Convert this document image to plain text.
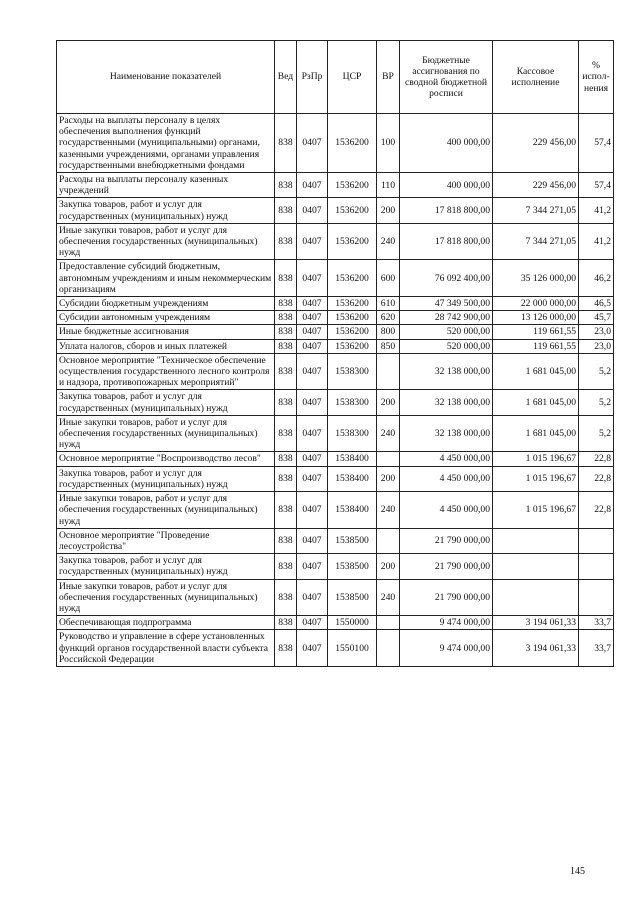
Наименование показателей	Вед	РзПр	ЦСР	ВР	Бюджетные ассигнования по сводной бюджетной росписи	Кассовое исполнение	% испол-нения
Расходы на выплаты персоналу в целях обеспечения выполнения функций государственными (муниципальными) органами, казенными учреждениями, органами управления государственными внебюджетными фондами	838	0407	1536200	100	400 000,00	229 456,00	57,4
Расходы на выплаты персоналу казенных учреждений	838	0407	1536200	110	400 000,00	229 456,00	57,4
Закупка товаров, работ и услуг для государственных (муниципальных) нужд	838	0407	1536200	200	17 818 800,00	7 344 271,05	41,2
Иные закупки товаров, работ и услуг для обеспечения государственных (муниципальных) нужд	838	0407	1536200	240	17 818 800,00	7 344 271,05	41,2
Предоставление субсидий бюджетным, автономным учреждениям и иным некоммерческим организациям	838	0407	1536200	600	76 092 400,00	35 126 000,00	46,2
Субсидии бюджетным учреждениям	838	0407	1536200	610	47 349 500,00	22 000 000,00	46,5
Субсидии автономным учреждениям	838	0407	1536200	620	28 742 900,00	13 126 000,00	45,7
Иные бюджетные ассигнования	838	0407	1536200	800	520 000,00	119 661,55	23,0
Уплата налогов, сборов и иных платежей	838	0407	1536200	850	520 000,00	119 661,55	23,0
Основное мероприятие "Техническое обеспечение осуществления государственного лесного контроля и надзора, противопожарных мероприятий"	838	0407	1538300		32 138 000,00	1 681 045,00	5,2
Закупка товаров, работ и услуг для государственных (муниципальных) нужд	838	0407	1538300	200	32 138 000,00	1 681 045,00	5,2
Иные закупки товаров, работ и услуг для обеспечения государственных (муниципальных) нужд	838	0407	1538300	240	32 138 000,00	1 681 045,00	5,2
Основное мероприятие "Воспроизводство лесов"	838	0407	1538400		4 450 000,00	1 015 196,67	22,8
Закупка товаров, работ и услуг для государственных (муниципальных) нужд	838	0407	1538400	200	4 450 000,00	1 015 196,67	22,8
Иные закупки товаров, работ и услуг для обеспечения государственных (муниципальных) нужд	838	0407	1538400	240	4 450 000,00	1 015 196,67	22,8
Основное мероприятие "Проведение лесоустройства"	838	0407	1538500		21 790 000,00		
Закупка товаров, работ и услуг для государственных (муниципальных) нужд	838	0407	1538500	200	21 790 000,00		
Иные закупки товаров, работ и услуг для обеспечения государственных (муниципальных) нужд	838	0407	1538500	240	21 790 000,00		
Обеспечивающая подпрограмма	838	0407	1550000		9 474 000,00	3 194 061,33	33,7
Руководство и управление в сфере установленных функций органов государственной власти субъекта Российской Федерации	838	0407	1550100		9 474 000,00	3 194 061,33	33,7
145
